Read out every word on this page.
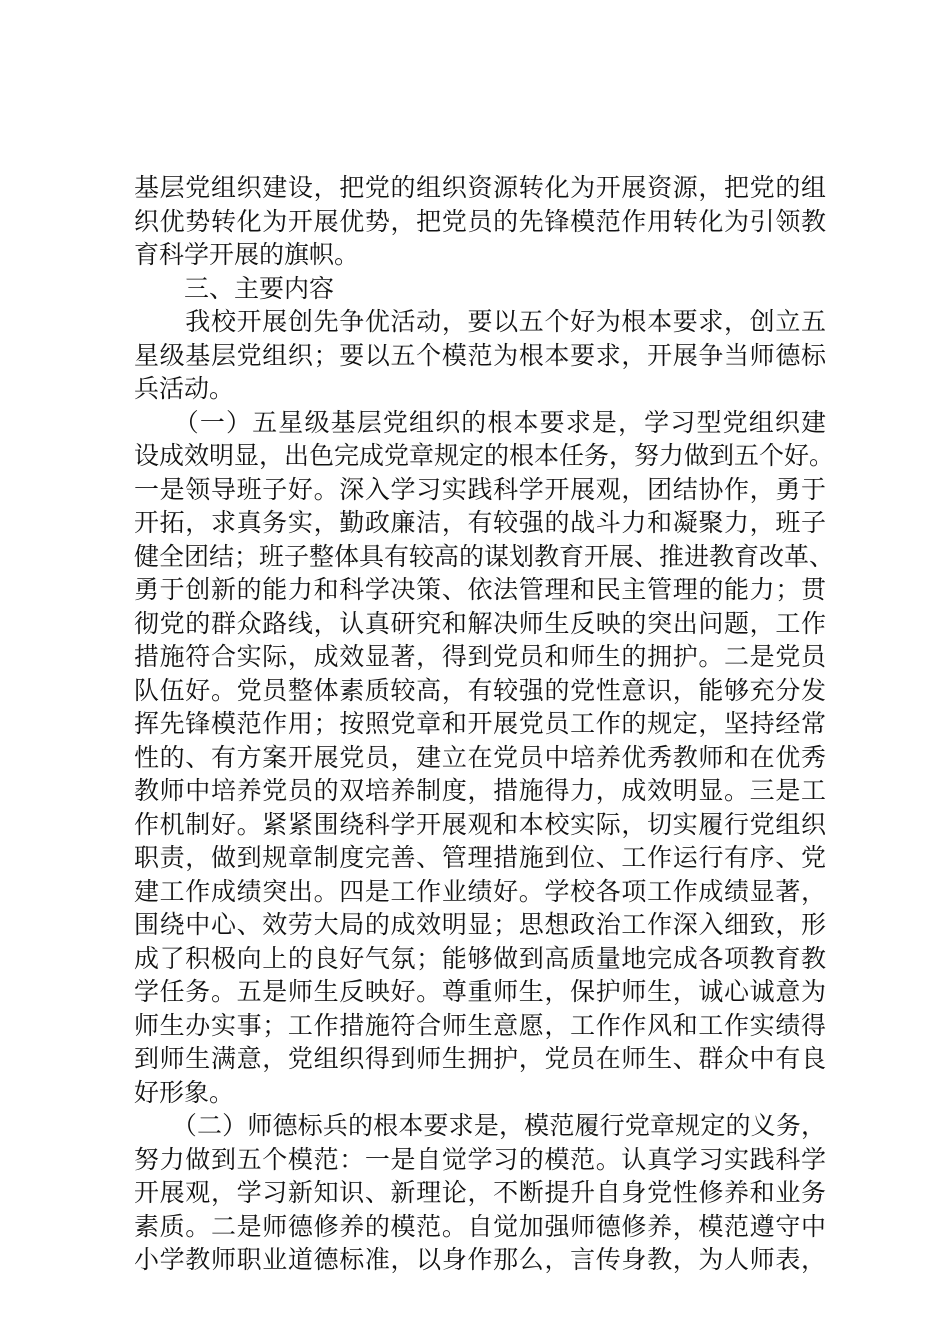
基层党组织建设，把党的组织资源转化为开展资源，把党的组
织优势转化为开展优势，把党员的先锋模范作用转化为引领教
育科学开展的旗帜。
　　三、主要内容
　　我校开展创先争优活动，要以五个好为根本要求，创立五
星级基层党组织；要以五个模范为根本要求，开展争当师德标
兵活动。
　　（一）五星级基层党组织的根本要求是，学习型党组织建
设成效明显，出色完成党章规定的根本任务，努力做到五个好。
一是领导班子好。深入学习实践科学开展观，团结协作，勇于
开拓，求真务实，勤政廉洁，有较强的战斗力和凝聚力，班子
健全团结；班子整体具有较高的谋划教育开展、推进教育改革、
勇于创新的能力和科学决策、依法管理和民主管理的能力；贯
彻党的群众路线，认真研究和解决师生反映的突出问题，工作
措施符合实际，成效显著，得到党员和师生的拥护。二是党员
队伍好。党员整体素质较高，有较强的党性意识，能够充分发
挥先锋模范作用；按照党章和开展党员工作的规定，坚持经常
性的、有方案开展党员，建立在党员中培养优秀教师和在优秀
教师中培养党员的双培养制度，措施得力，成效明显。三是工
作机制好。紧紧围绕科学开展观和本校实际，切实履行党组织
职责，做到规章制度完善、管理措施到位、工作运行有序、党
建工作成绩突出。四是工作业绩好。学校各项工作成绩显著，
围绕中心、效劳大局的成效明显；思想政治工作深入细致，形
成了积极向上的良好气氛；能够做到高质量地完成各项教育教
学任务。五是师生反映好。尊重师生，保护师生，诚心诚意为
师生办实事；工作措施符合师生意愿，工作作风和工作实绩得
到师生满意，党组织得到师生拥护，党员在师生、群众中有良
好形象。
　　（二）师德标兵的根本要求是，模范履行党章规定的义务，
努力做到五个模范：一是自觉学习的模范。认真学习实践科学
开展观，学习新知识、新理论，不断提升自身党性修养和业务
素质。二是师德修养的模范。自觉加强师德修养，模范遵守中
小学教师职业道德标准，以身作那么，言传身教，为人师表，
